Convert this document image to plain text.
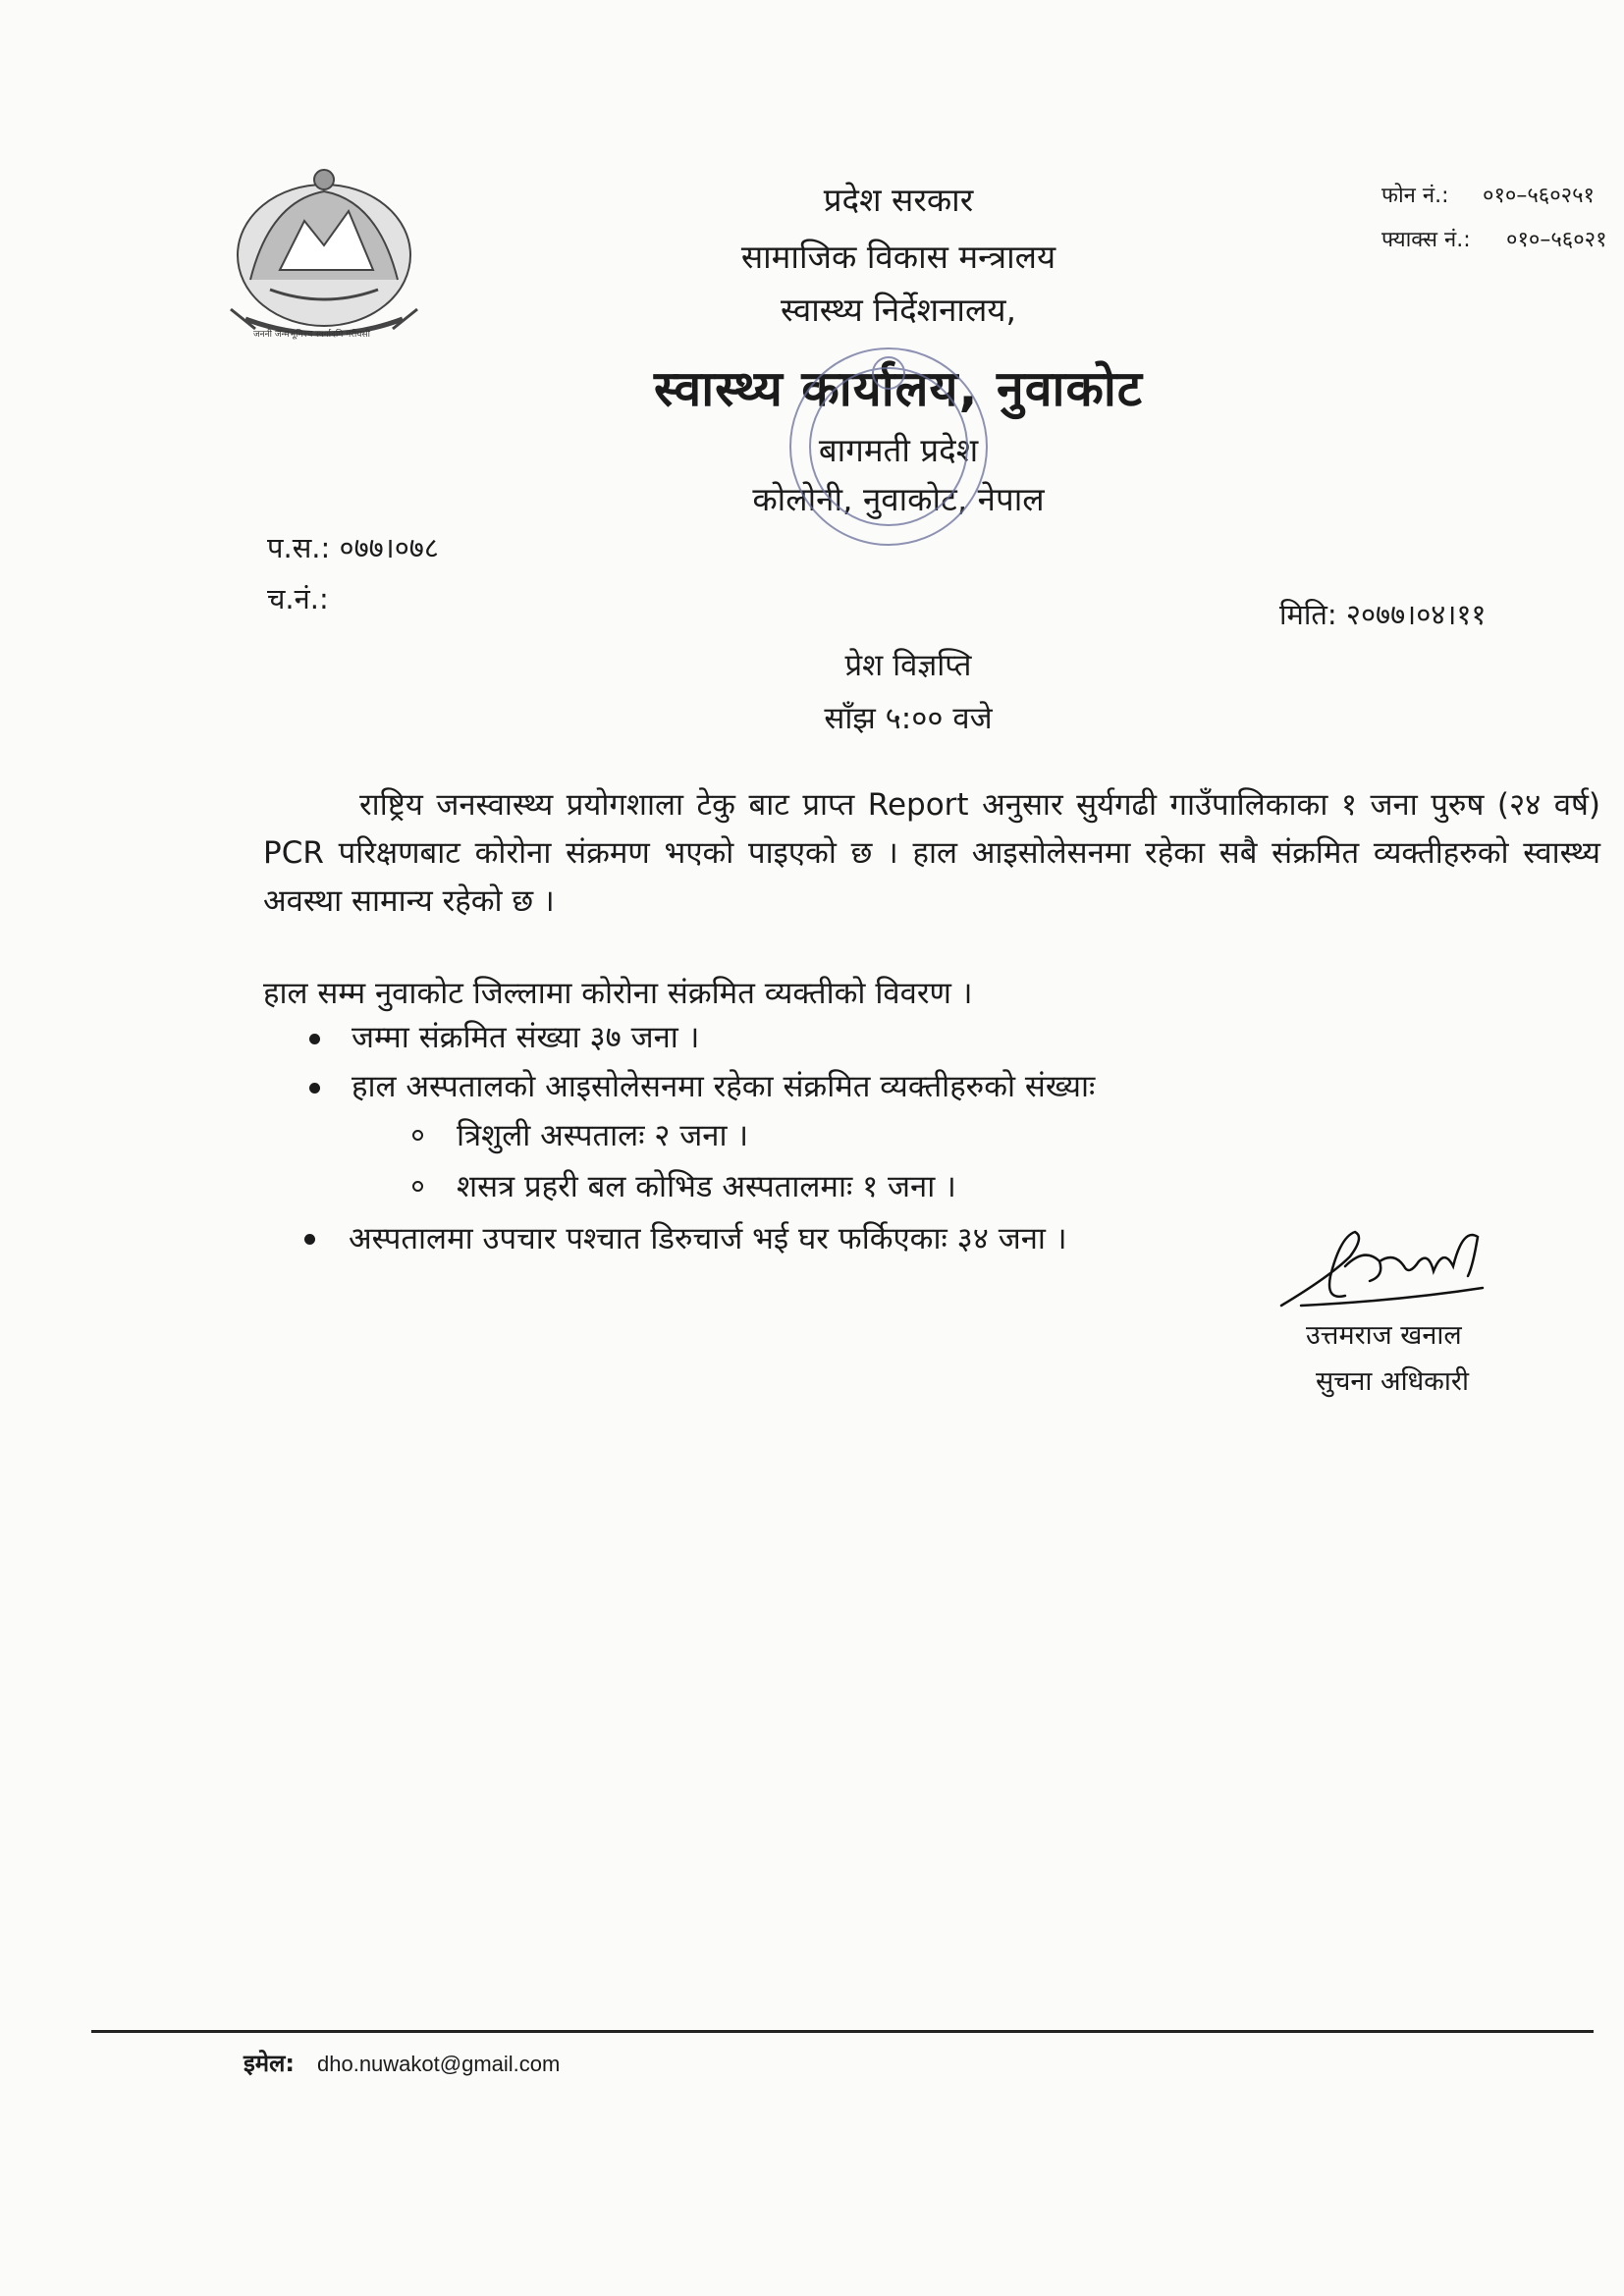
जननी जन्मभूमिश्च स्वर्गादपि गरीयसी
प्रदेश सरकार
सामाजिक विकास मन्त्रालय
स्वास्थ्य निर्देशनालय,
स्वास्थ्य कार्यालय, नुवाकोट
बागमती प्रदेश
कोलोनी, नुवाकोट, नेपाल
फोन नं.: ०१०–५६०२५१
फ्याक्स नं.: ०१०–५६०२१
प.स.: ०७७।०७८
च.नं.:	मिति: २०७७।०४।११
प्रेश विज्ञप्ति
साँझ ५:०० वजे
राष्ट्रिय जनस्वास्थ्य प्रयोगशाला टेकु बाट प्राप्त Report अनुसार सुर्यगढी गाउँपालिकाका १ जना पुरुष (२४ वर्ष) PCR परिक्षणबाट कोरोना संक्रमण भएको पाइएको छ । हाल आइसोलेसनमा रहेका सबै संक्रमित व्यक्तीहरुको स्वास्थ्य अवस्था सामान्य रहेको छ ।
हाल सम्म नुवाकोट जिल्लामा कोरोना संक्रमित व्यक्तीको विवरण ।
जम्मा संक्रमित संख्या ३७ जना ।
हाल अस्पतालको आइसोलेसनमा रहेका संक्रमित व्यक्तीहरुको संख्याः
त्रिशुली अस्पतालः २ जना ।
शसत्र प्रहरी बल कोभिड अस्पतालमाः १ जना ।
अस्पतालमा उपचार पश्चात डिरुचार्ज भई घर फर्किएकाः ३४ जना ।
उत्तमराज खनाल
सुचना अधिकारी
इमेल: dho.nuwakot@gmail.com
